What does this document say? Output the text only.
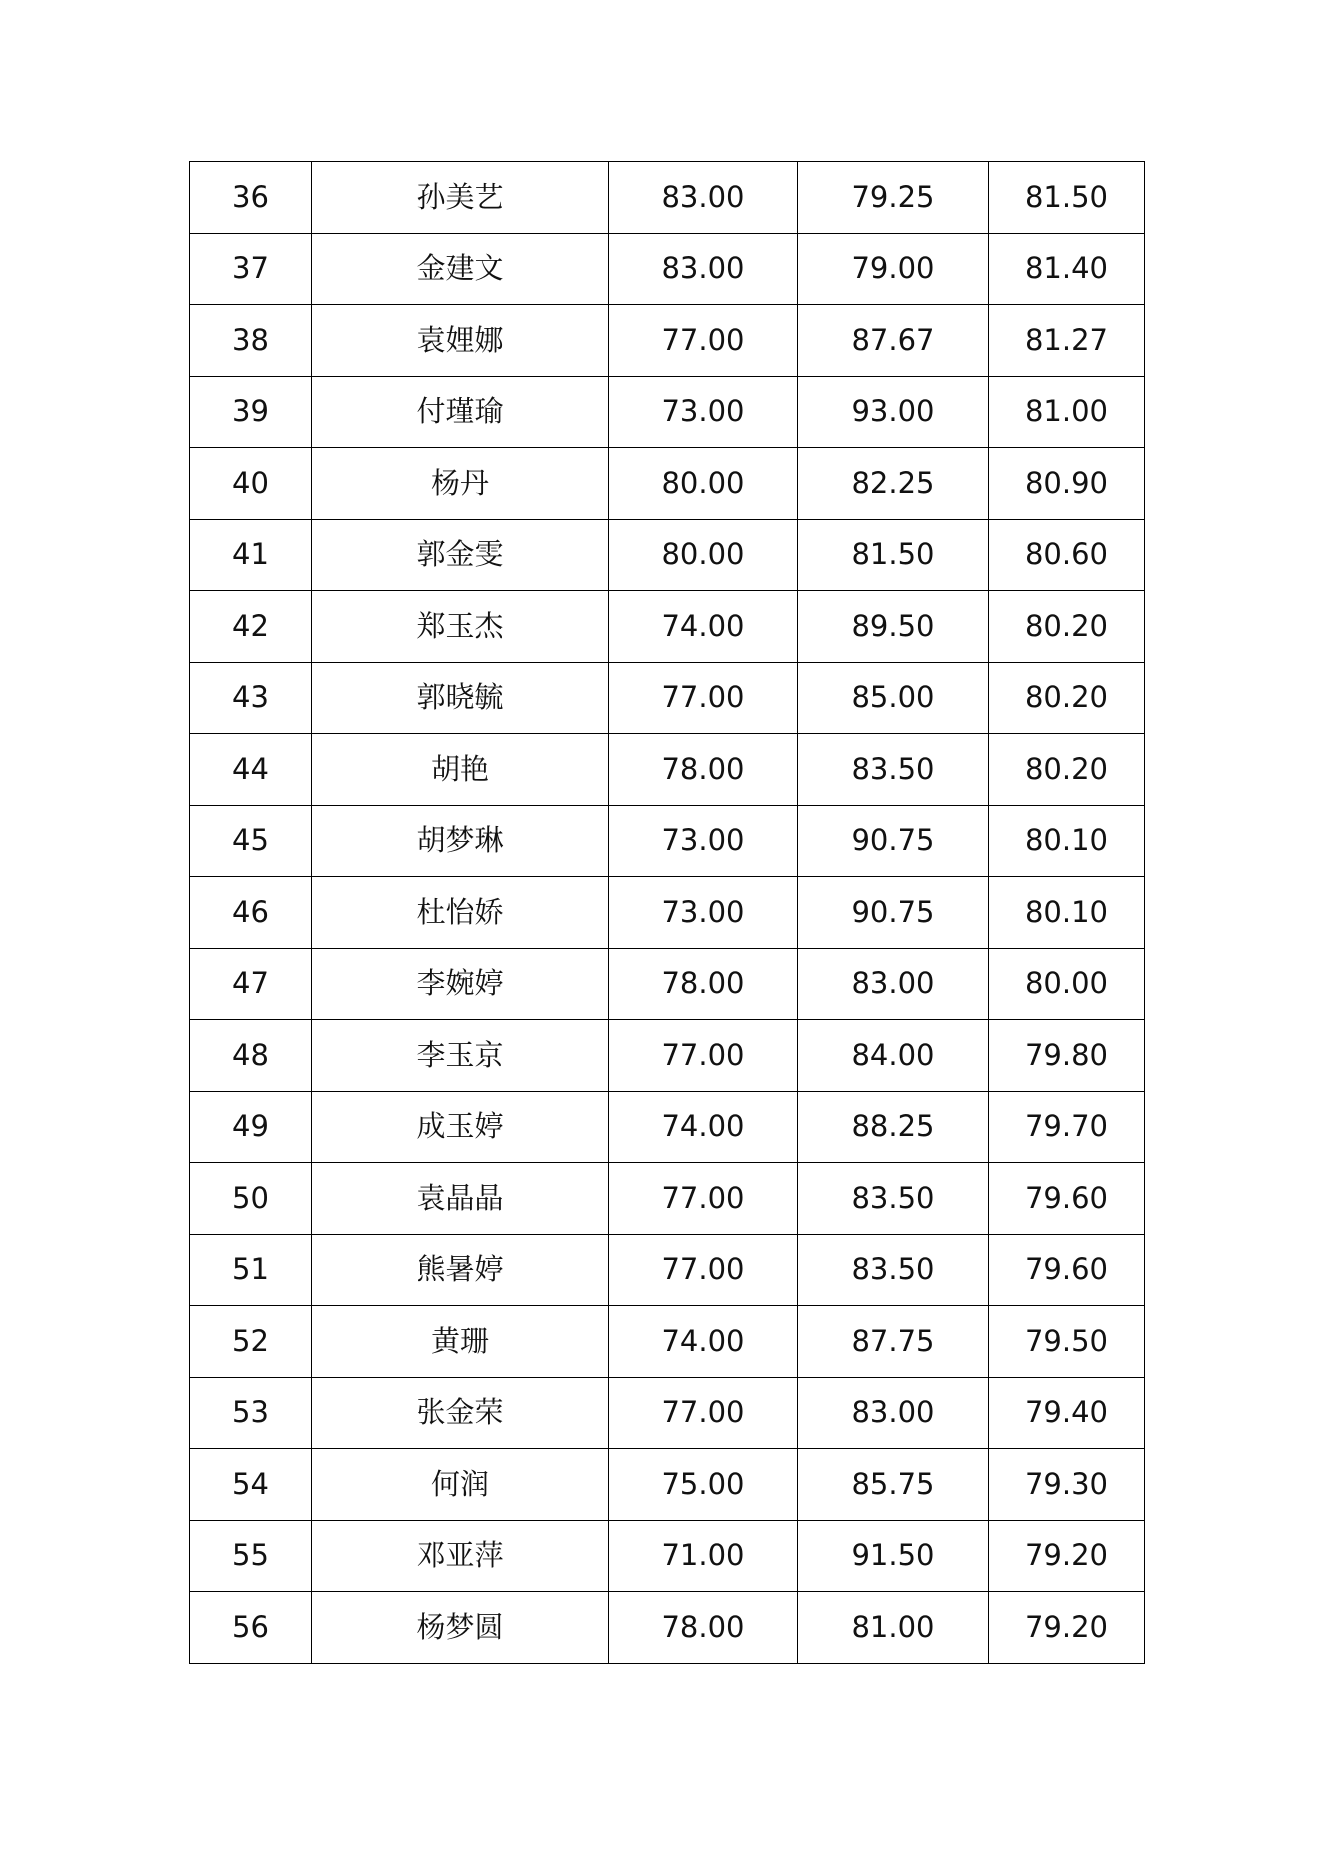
36	孙美艺	83.00	79.25	81.50
37	金建文	83.00	79.00	81.40
38	袁娌娜	77.00	87.67	81.27
39	付瑾瑜	73.00	93.00	81.00
40	杨丹	80.00	82.25	80.90
41	郭金雯	80.00	81.50	80.60
42	郑玉杰	74.00	89.50	80.20
43	郭晓毓	77.00	85.00	80.20
44	胡艳	78.00	83.50	80.20
45	胡梦琳	73.00	90.75	80.10
46	杜怡娇	73.00	90.75	80.10
47	李婉婷	78.00	83.00	80.00
48	李玉京	77.00	84.00	79.80
49	成玉婷	74.00	88.25	79.70
50	袁晶晶	77.00	83.50	79.60
51	熊暑婷	77.00	83.50	79.60
52	黄珊	74.00	87.75	79.50
53	张金荣	77.00	83.00	79.40
54	何润	75.00	85.75	79.30
55	邓亚萍	71.00	91.50	79.20
56	杨梦圆	78.00	81.00	79.20
